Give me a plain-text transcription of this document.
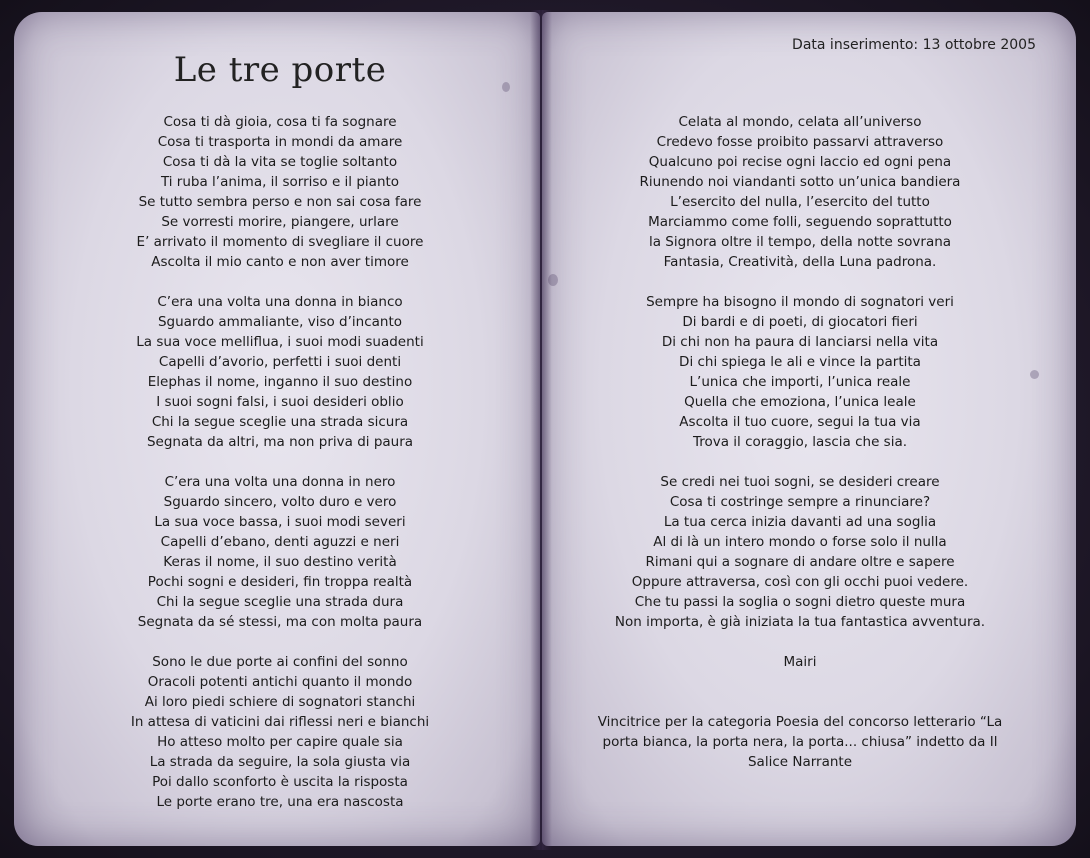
Le tre porte
Data inserimento: 13 ottobre 2005
Cosa ti dà gioia, cosa ti fa sognare
Cosa ti trasporta in mondi da amare
Cosa ti dà la vita se toglie soltanto
Ti ruba l’anima, il sorriso e il pianto
Se tutto sembra perso e non sai cosa fare
Se vorresti morire, piangere, urlare
E’ arrivato il momento di svegliare il cuore
Ascolta il mio canto e non aver timore
C’era una volta una donna in bianco
Sguardo ammaliante, viso d’incanto
La sua voce melliflua, i suoi modi suadenti
Capelli d’avorio, perfetti i suoi denti
Elephas il nome, inganno il suo destino
I suoi sogni falsi, i suoi desideri oblio
Chi la segue sceglie una strada sicura
Segnata da altri, ma non priva di paura
C’era una volta una donna in nero
Sguardo sincero, volto duro e vero
La sua voce bassa, i suoi modi severi
Capelli d’ebano, denti aguzzi e neri
Keras il nome, il suo destino verità
Pochi sogni e desideri, fin troppa realtà
Chi la segue sceglie una strada dura
Segnata da sé stessi, ma con molta paura
Sono le due porte ai confini del sonno
Oracoli potenti antichi quanto il mondo
Ai loro piedi schiere di sognatori stanchi
In attesa di vaticini dai riflessi neri e bianchi
Ho atteso molto per capire quale sia
La strada da seguire, la sola giusta via
Poi dallo sconforto è uscita la risposta
Le porte erano tre, una era nascosta
Celata al mondo, celata all’universo
Credevo fosse proibito passarvi attraverso
Qualcuno poi recise ogni laccio ed ogni pena
Riunendo noi viandanti sotto un’unica bandiera
L’esercito del nulla, l’esercito del tutto
Marciammo come folli, seguendo soprattutto
la Signora oltre il tempo, della notte sovrana
Fantasia, Creatività, della Luna padrona.
Sempre ha bisogno il mondo di sognatori veri
Di bardi e di poeti, di giocatori fieri
Di chi non ha paura di lanciarsi nella vita
Di chi spiega le ali e vince la partita
L’unica che importi, l’unica reale
Quella che emoziona, l’unica leale
Ascolta il tuo cuore, segui la tua via
Trova il coraggio, lascia che sia.
Se credi nei tuoi sogni, se desideri creare
Cosa ti costringe sempre a rinunciare?
La tua cerca inizia davanti ad una soglia
Al di là un intero mondo o forse solo il nulla
Rimani qui a sognare di andare oltre e sapere
Oppure attraversa, così con gli occhi puoi vedere.
Che tu passi la soglia o sogni dietro queste mura
Non importa, è già iniziata la tua fantastica avventura.
Mairi
Vincitrice per la categoria Poesia del concorso letterario “La porta bianca, la porta nera, la porta... chiusa” indetto da Il Salice Narrante
